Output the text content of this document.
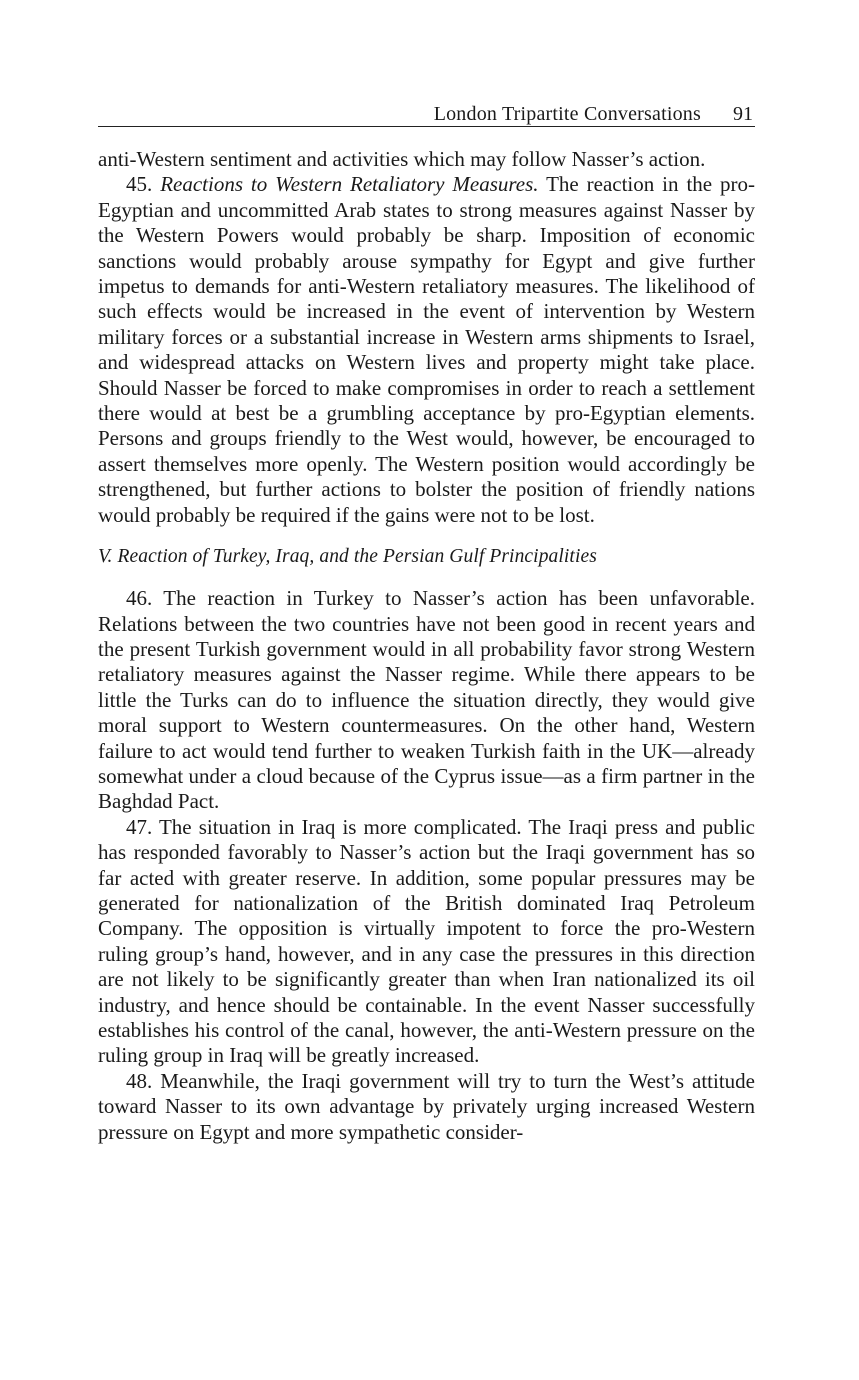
London Tripartite Conversations 91

anti-Western sentiment and activities which may follow Nasser’s action.

45. Reactions to Western Retaliatory Measures. The reaction in the pro-Egyptian and uncommitted Arab states to strong measures against Nasser by the Western Powers would probably be sharp. Imposition of economic sanctions would probably arouse sympathy for Egypt and give further impetus to demands for anti-Western retaliatory measures. The likelihood of such effects would be increased in the event of intervention by Western military forces or a substantial increase in Western arms shipments to Israel, and widespread attacks on Western lives and property might take place. Should Nasser be forced to make compromises in order to reach a settlement there would at best be a grumbling acceptance by pro-Egyptian elements. Persons and groups friendly to the West would, however, be encouraged to assert themselves more openly. The Western position would accordingly be strengthened, but further actions to bolster the position of friendly nations would probably be required if the gains were not to be lost.

V. Reaction of Turkey, Iraq, and the Persian Gulf Principalities

46. The reaction in Turkey to Nasser’s action has been unfavorable. Relations between the two countries have not been good in recent years and the present Turkish government would in all probability favor strong Western retaliatory measures against the Nasser regime. While there appears to be little the Turks can do to influence the situation directly, they would give moral support to Western countermeasures. On the other hand, Western failure to act would tend further to weaken Turkish faith in the UK—already somewhat under a cloud because of the Cyprus issue—as a firm partner in the Baghdad Pact.

47. The situation in Iraq is more complicated. The Iraqi press and public has responded favorably to Nasser’s action but the Iraqi government has so far acted with greater reserve. In addition, some popular pressures may be generated for nationalization of the British dominated Iraq Petroleum Company. The opposition is virtually impotent to force the pro-Western ruling group’s hand, however, and in any case the pressures in this direction are not likely to be significantly greater than when Iran nationalized its oil industry, and hence should be containable. In the event Nasser successfully establishes his control of the canal, however, the anti-Western pressure on the ruling group in Iraq will be greatly increased.

48. Meanwhile, the Iraqi government will try to turn the West’s attitude toward Nasser to its own advantage by privately urging increased Western pressure on Egypt and more sympathetic consider-
